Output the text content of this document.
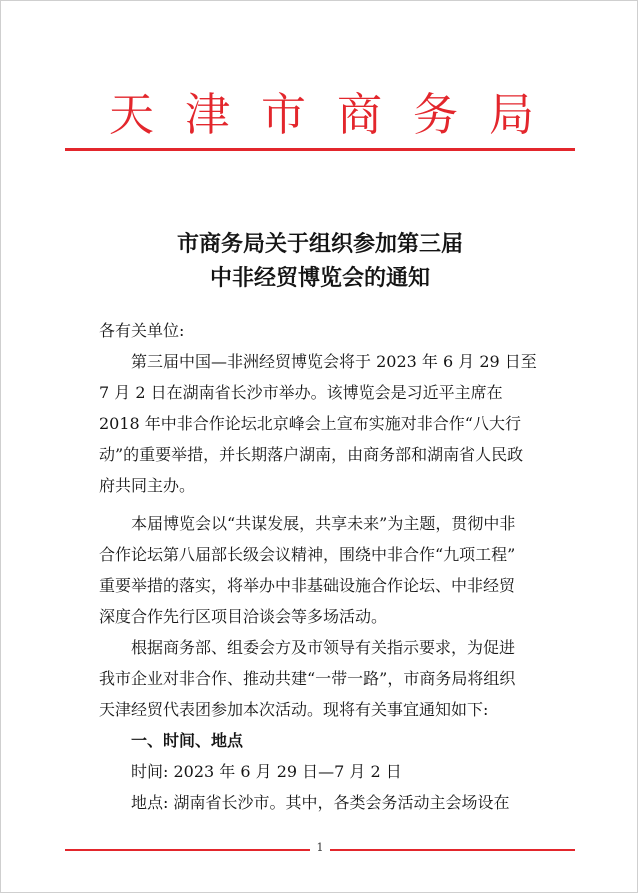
天 津 市 商 务 局
市商务局关于组织参加第三届
中非经贸博览会的通知
各有关单位:
第三届中国—非洲经贸博览会将于 2023 年 6 月 29 日至
7 月 2 日在湖南省长沙市举办。该博览会是习近平主席在
2018 年中非合作论坛北京峰会上宣布实施对非合作“八大行
动”的重要举措，并长期落户湖南，由商务部和湖南省人民政
府共同主办。
本届博览会以“共谋发展，共享未来”为主题，贯彻中非
合作论坛第八届部长级会议精神，围绕中非合作“九项工程”
重要举措的落实，将举办中非基础设施合作论坛、中非经贸
深度合作先行区项目洽谈会等多场活动。
根据商务部、组委会方及市领导有关指示要求，为促进
我市企业对非合作、推动共建“一带一路”，市商务局将组织
天津经贸代表团参加本次活动。现将有关事宜通知如下:
一、时间、地点
时间: 2023 年 6 月 29 日—7 月 2 日
地点: 湖南省长沙市。其中，各类会务活动主会场设在
1
